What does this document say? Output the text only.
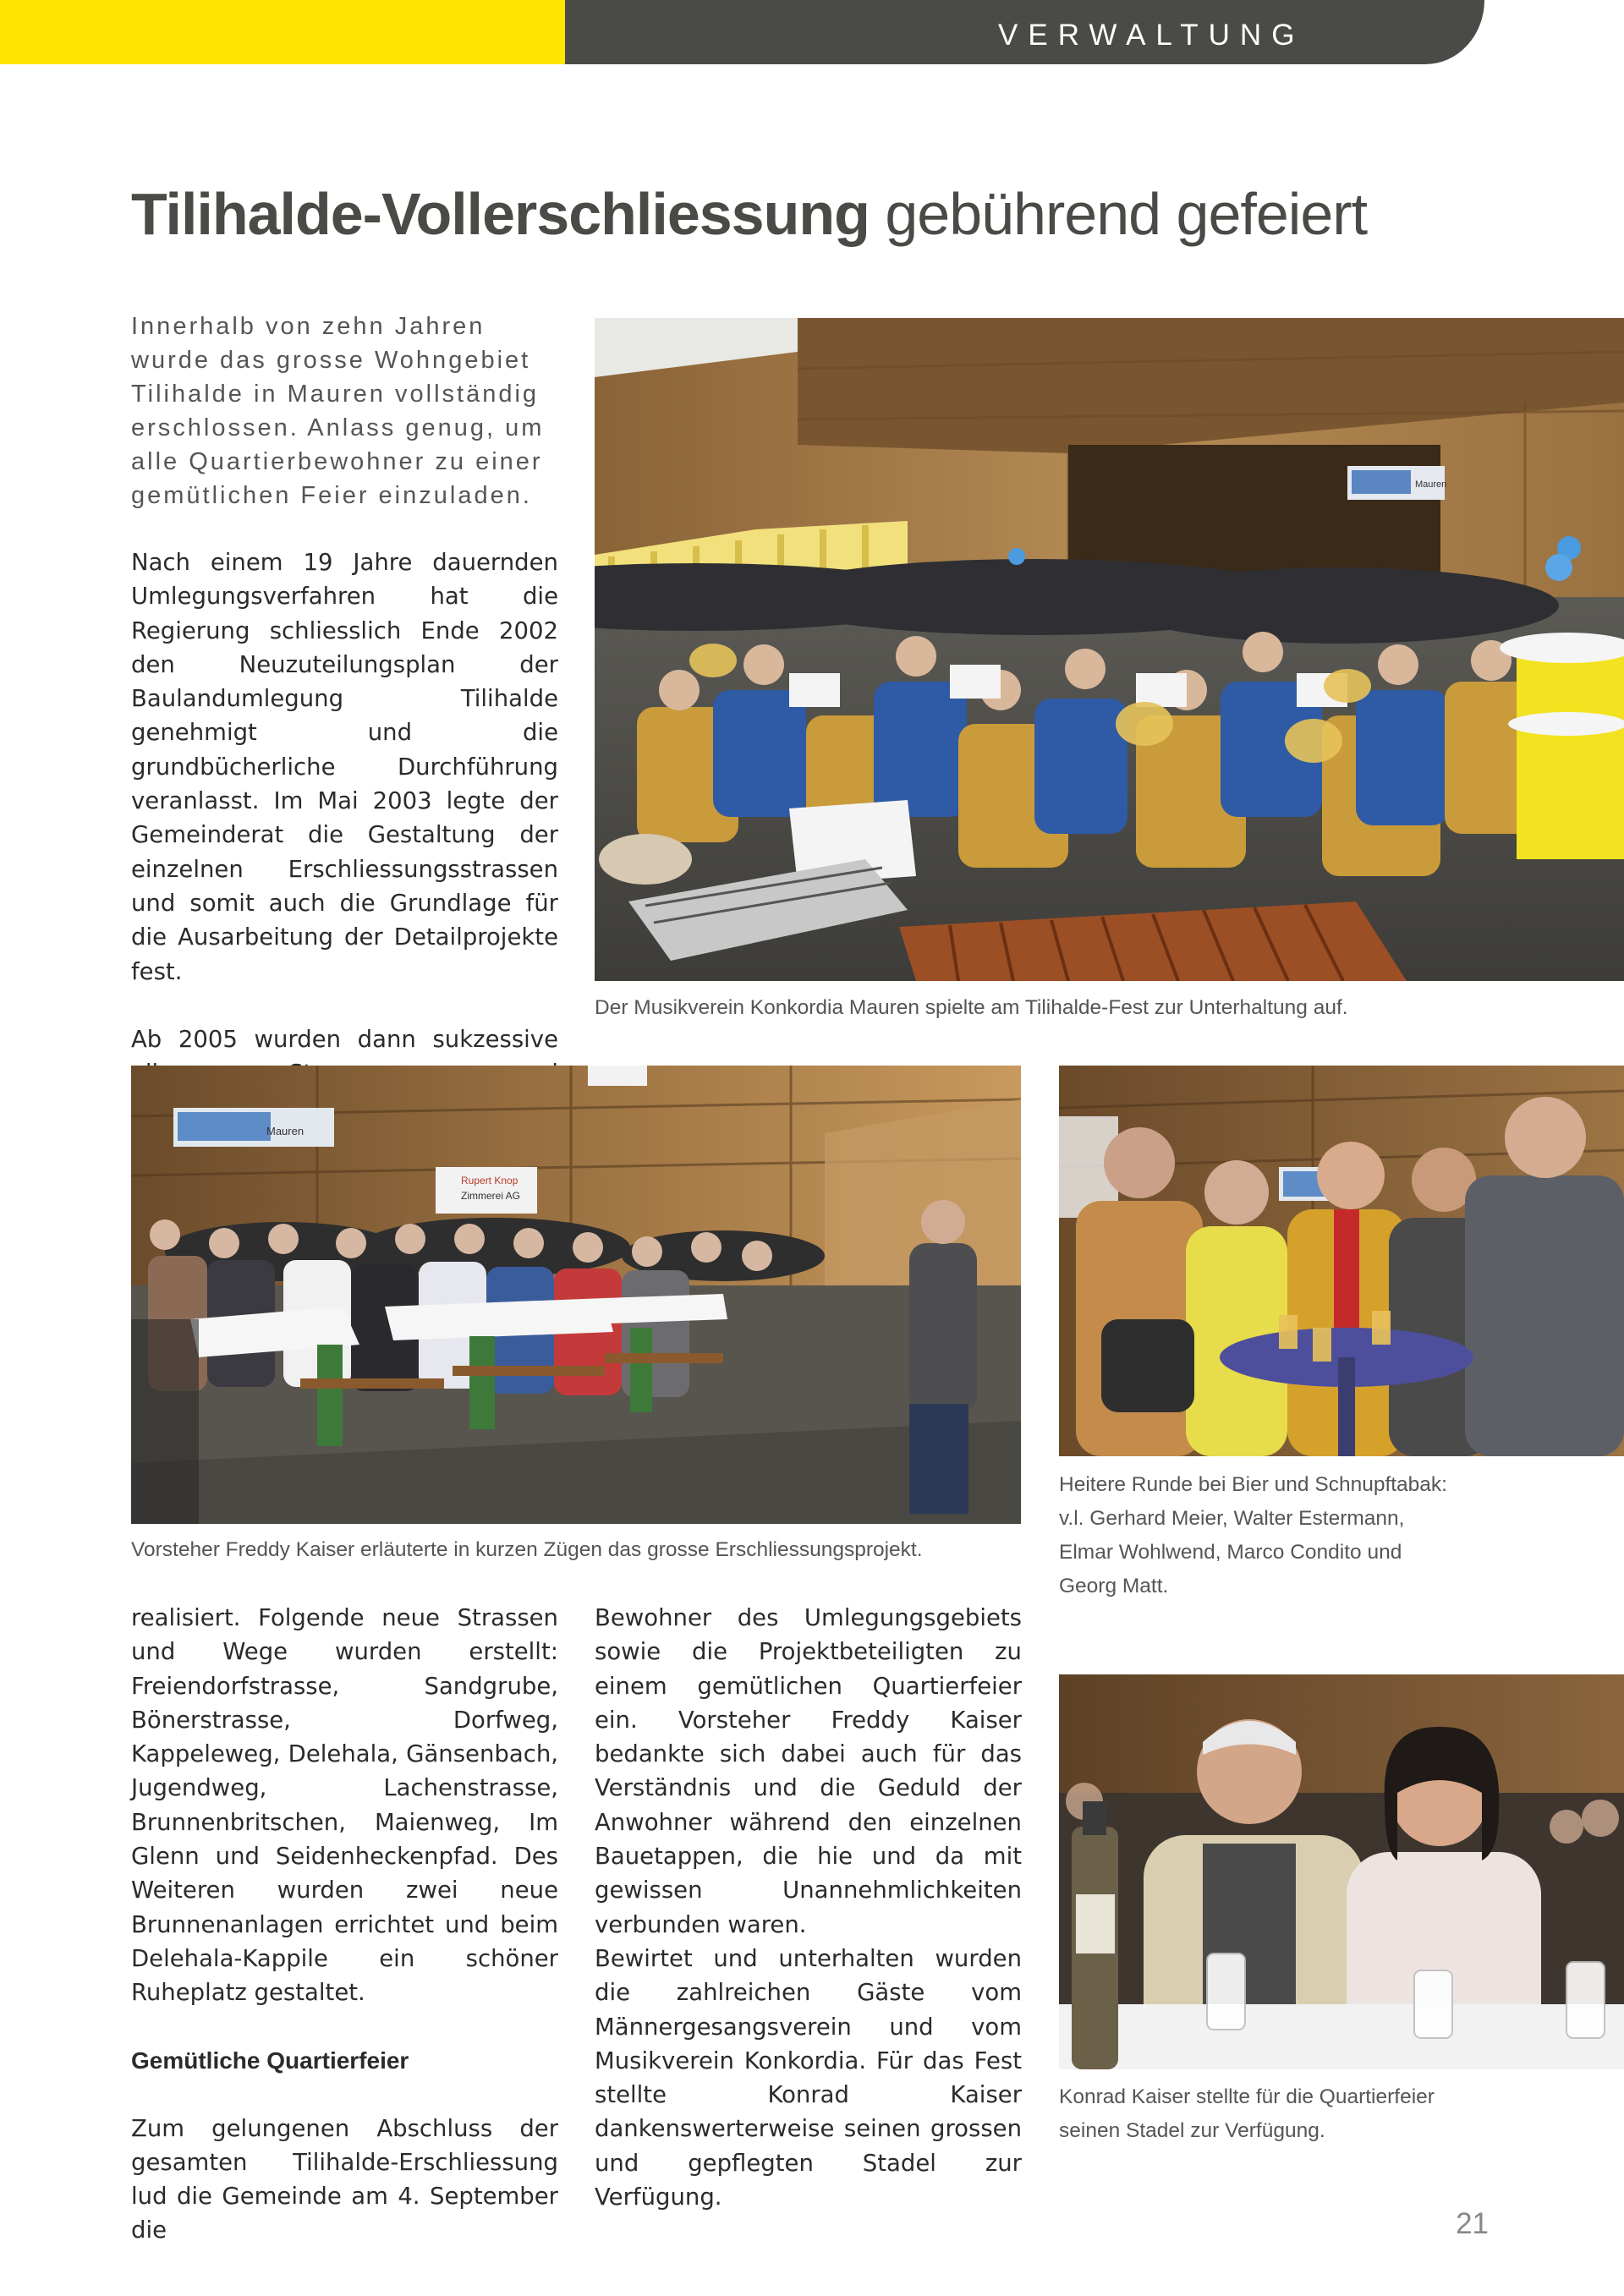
VERWALTUNG
Tilihalde-Vollerschliessung gebührend gefeiert
Innerhalb von zehn Jahren wurde das grosse Wohngebiet Tilihalde in Mauren vollständig erschlossen. Anlass genug, um alle Quartierbewohner zu einer gemütlichen Feier einzuladen.

Nach einem 19 Jahre dauernden Umlegungsverfahren hat die Regierung schliesslich Ende 2002 den Neuzuteilungsplan der Baulandumlegung Tilihalde genehmigt und die grundbücherliche Durchführung veranlasst. Im Mai 2003 legte der Gemeinderat die Gestaltung der einzelnen Erschliessungsstrassen und somit auch die Grundlage für die Ausarbeitung der Detailprojekte fest.

Ab 2005 wurden dann sukzessive

Mauren
Der Musikverein Konkordia Mauren spielte am Tilihalde-Fest zur Unterhaltung auf.
Mauren
Rupert Knop
Zimmerei AG
Vorsteher Freddy Kaiser erläuterte in kurzen Zügen das grosse Erschliessungsprojekt.
Heitere Runde bei Bier und Schnupftabak:
v.l. Gerhard Meier, Walter Estermann,
Elmar Wohlwend, Marco Condito und
Georg Matt.
Konrad Kaiser stellte für die Quartierfeier
seinen Stadel zur Verfügung.

realisiert. Folgende neue Strassen und Wege wurden erstellt: Freiendorfstrasse, Sandgrube, Bönerstrasse, Dorfweg, Kappeleweg, Delehala, Gänsenbach, Jugendweg, Lachenstrasse, Brunnenbritschen, Maienweg, Im Glenn und Seidenheckenpfad. Des Weiteren wurden zwei neue Brunnenanlagen errichtet und beim Delehala-Kappile ein schöner Ruheplatz gestaltet.

Gemütliche Quartierfeier

Zum gelungenen Abschluss der gesamten Tilihalde-Erschliessung lud die Gemeinde am 4. September die

Bewohner des Umlegungsgebiets sowie die Projektbeteiligten zu einem gemütlichen Quartierfeier ein. Vorsteher Freddy Kaiser bedankte sich dabei auch für das Verständnis und die Geduld der Anwohner während den einzelnen Bauetappen, die hie und da mit gewissen Unannehmlichkeiten verbunden waren.

Bewirtet und unterhalten wurden die zahlreichen Gäste vom Männergesangsverein und vom Musikverein Konkordia. Für das Fest stellte Konrad Kaiser dankenswerterweise seinen grossen und gepflegten Stadel zur Verfügung.

21
